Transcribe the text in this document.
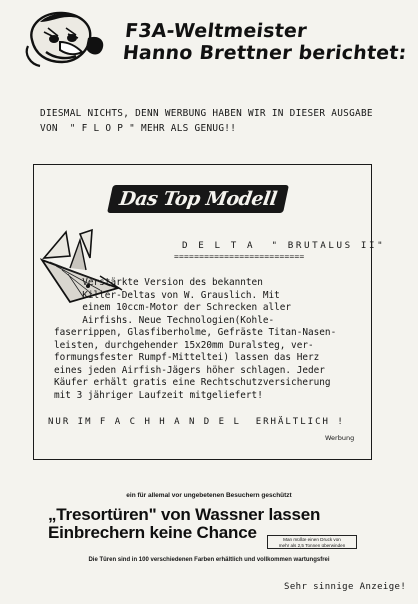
F3A-Weltmeister
Hanno Brettner berichtet:
DIESMAL NICHTS, DENN WERBUNG HABEN WIR IN DIESER AUSGABE
VON  " F L O P " MEHR ALS GENUG!!
Das Top Modell
D E L T A  " BRUTALUS II"
==========================
Verstärkte Version des bekannten
Killer-Deltas von W. Grauslich. Mit
einem 10ccm-Motor der Schrecken aller
Airfishs. Neue Technologien(Kohle-
faserrippen, Glasfiberholme, Gefräste Titan-Nasen-
leisten, durchgehender 15x20mm Duralsteg, ver-
formungsfester Rumpf-Mitteltei) lassen das Herz
eines jeden Airfish-Jägers höher schlagen. Jeder
Käufer erhält gratis eine Rechtschutzversicherung
mit 3 jähriger Laufzeit mitgeliefert!
NUR IM F A C H H A N D E L  ERHÄLTLICH !
Werbung
ein für allemal vor ungebetenen Besuchern geschützt
„Tresortüren" von Wassner lassen
Einbrechern keine Chance	Man müßte einen Druck von
mehr als 2,5 Tonnen überwinden
Die Türen sind in 100 verschiedenen Farben erhältlich und vollkommen wartungsfrei
Sehr sinnige Anzeige!
